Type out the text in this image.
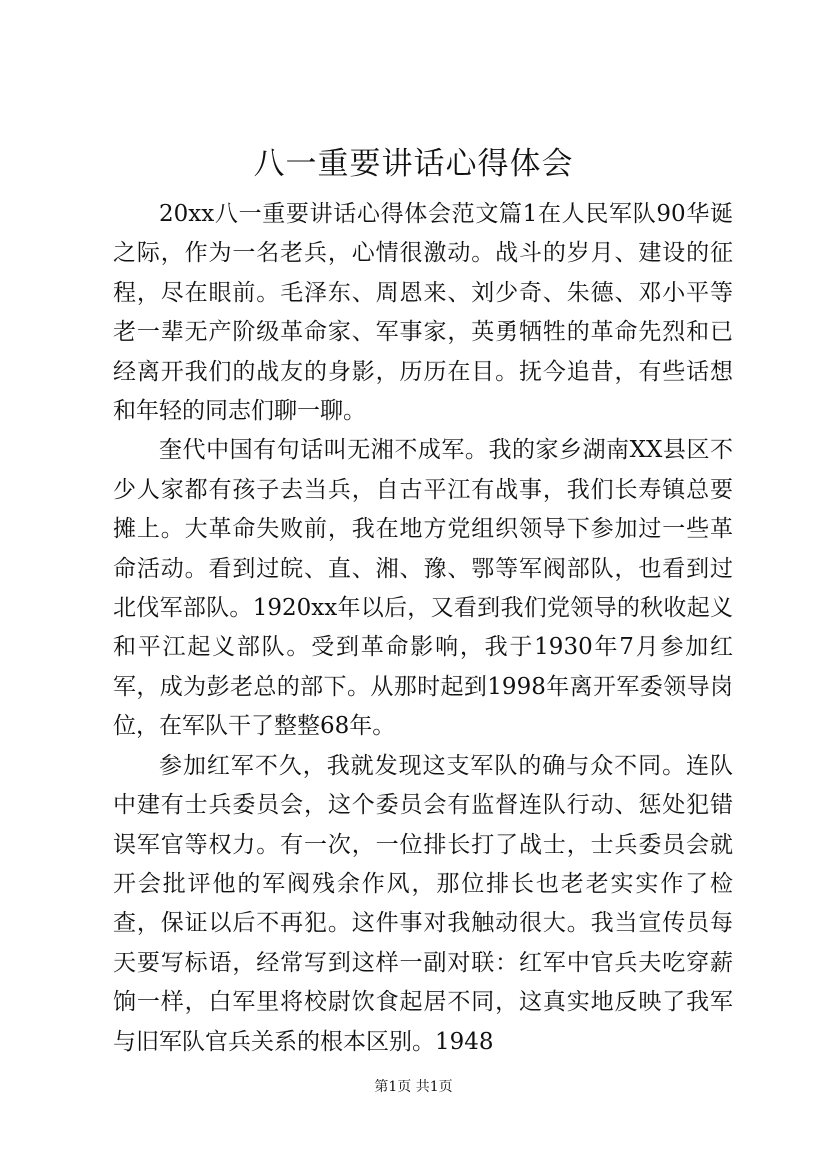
八一重要讲话心得体会

20xx八一重要讲话心得体会范文篇1在人民军队90华诞之际，作为一名老兵，心情很激动。战斗的岁月、建设的征程，尽在眼前。毛泽东、周恩来、刘少奇、朱德、邓小平等老一辈无产阶级革命家、军事家，英勇牺牲的革命先烈和已经离开我们的战友的身影，历历在目。抚今追昔，有些话想和年轻的同志们聊一聊。

奎代中国有句话叫无湘不成军。我的家乡湖南XX县区不少人家都有孩子去当兵，自古平江有战事，我们长寿镇总要摊上。大革命失败前，我在地方党组织领导下参加过一些革命活动。看到过皖、直、湘、豫、鄂等军阀部队，也看到过北伐军部队。1920xx年以后，又看到我们党领导的秋收起义和平江起义部队。受到革命影响，我于1930年7月参加红军，成为彭老总的部下。从那时起到1998年离开军委领导岗位，在军队干了整整68年。

参加红军不久，我就发现这支军队的确与众不同。连队中建有士兵委员会，这个委员会有监督连队行动、惩处犯错误军官等权力。有一次，一位排长打了战士，士兵委员会就开会批评他的军阀残余作风，那位排长也老老实实作了检查，保证以后不再犯。这件事对我触动很大。我当宣传员每天要写标语，经常写到这样一副对联：红军中官兵夫吃穿薪饷一样，白军里将校尉饮食起居不同，这真实地反映了我军与旧军队官兵关系的根本区别。1948

第1页 共1页
